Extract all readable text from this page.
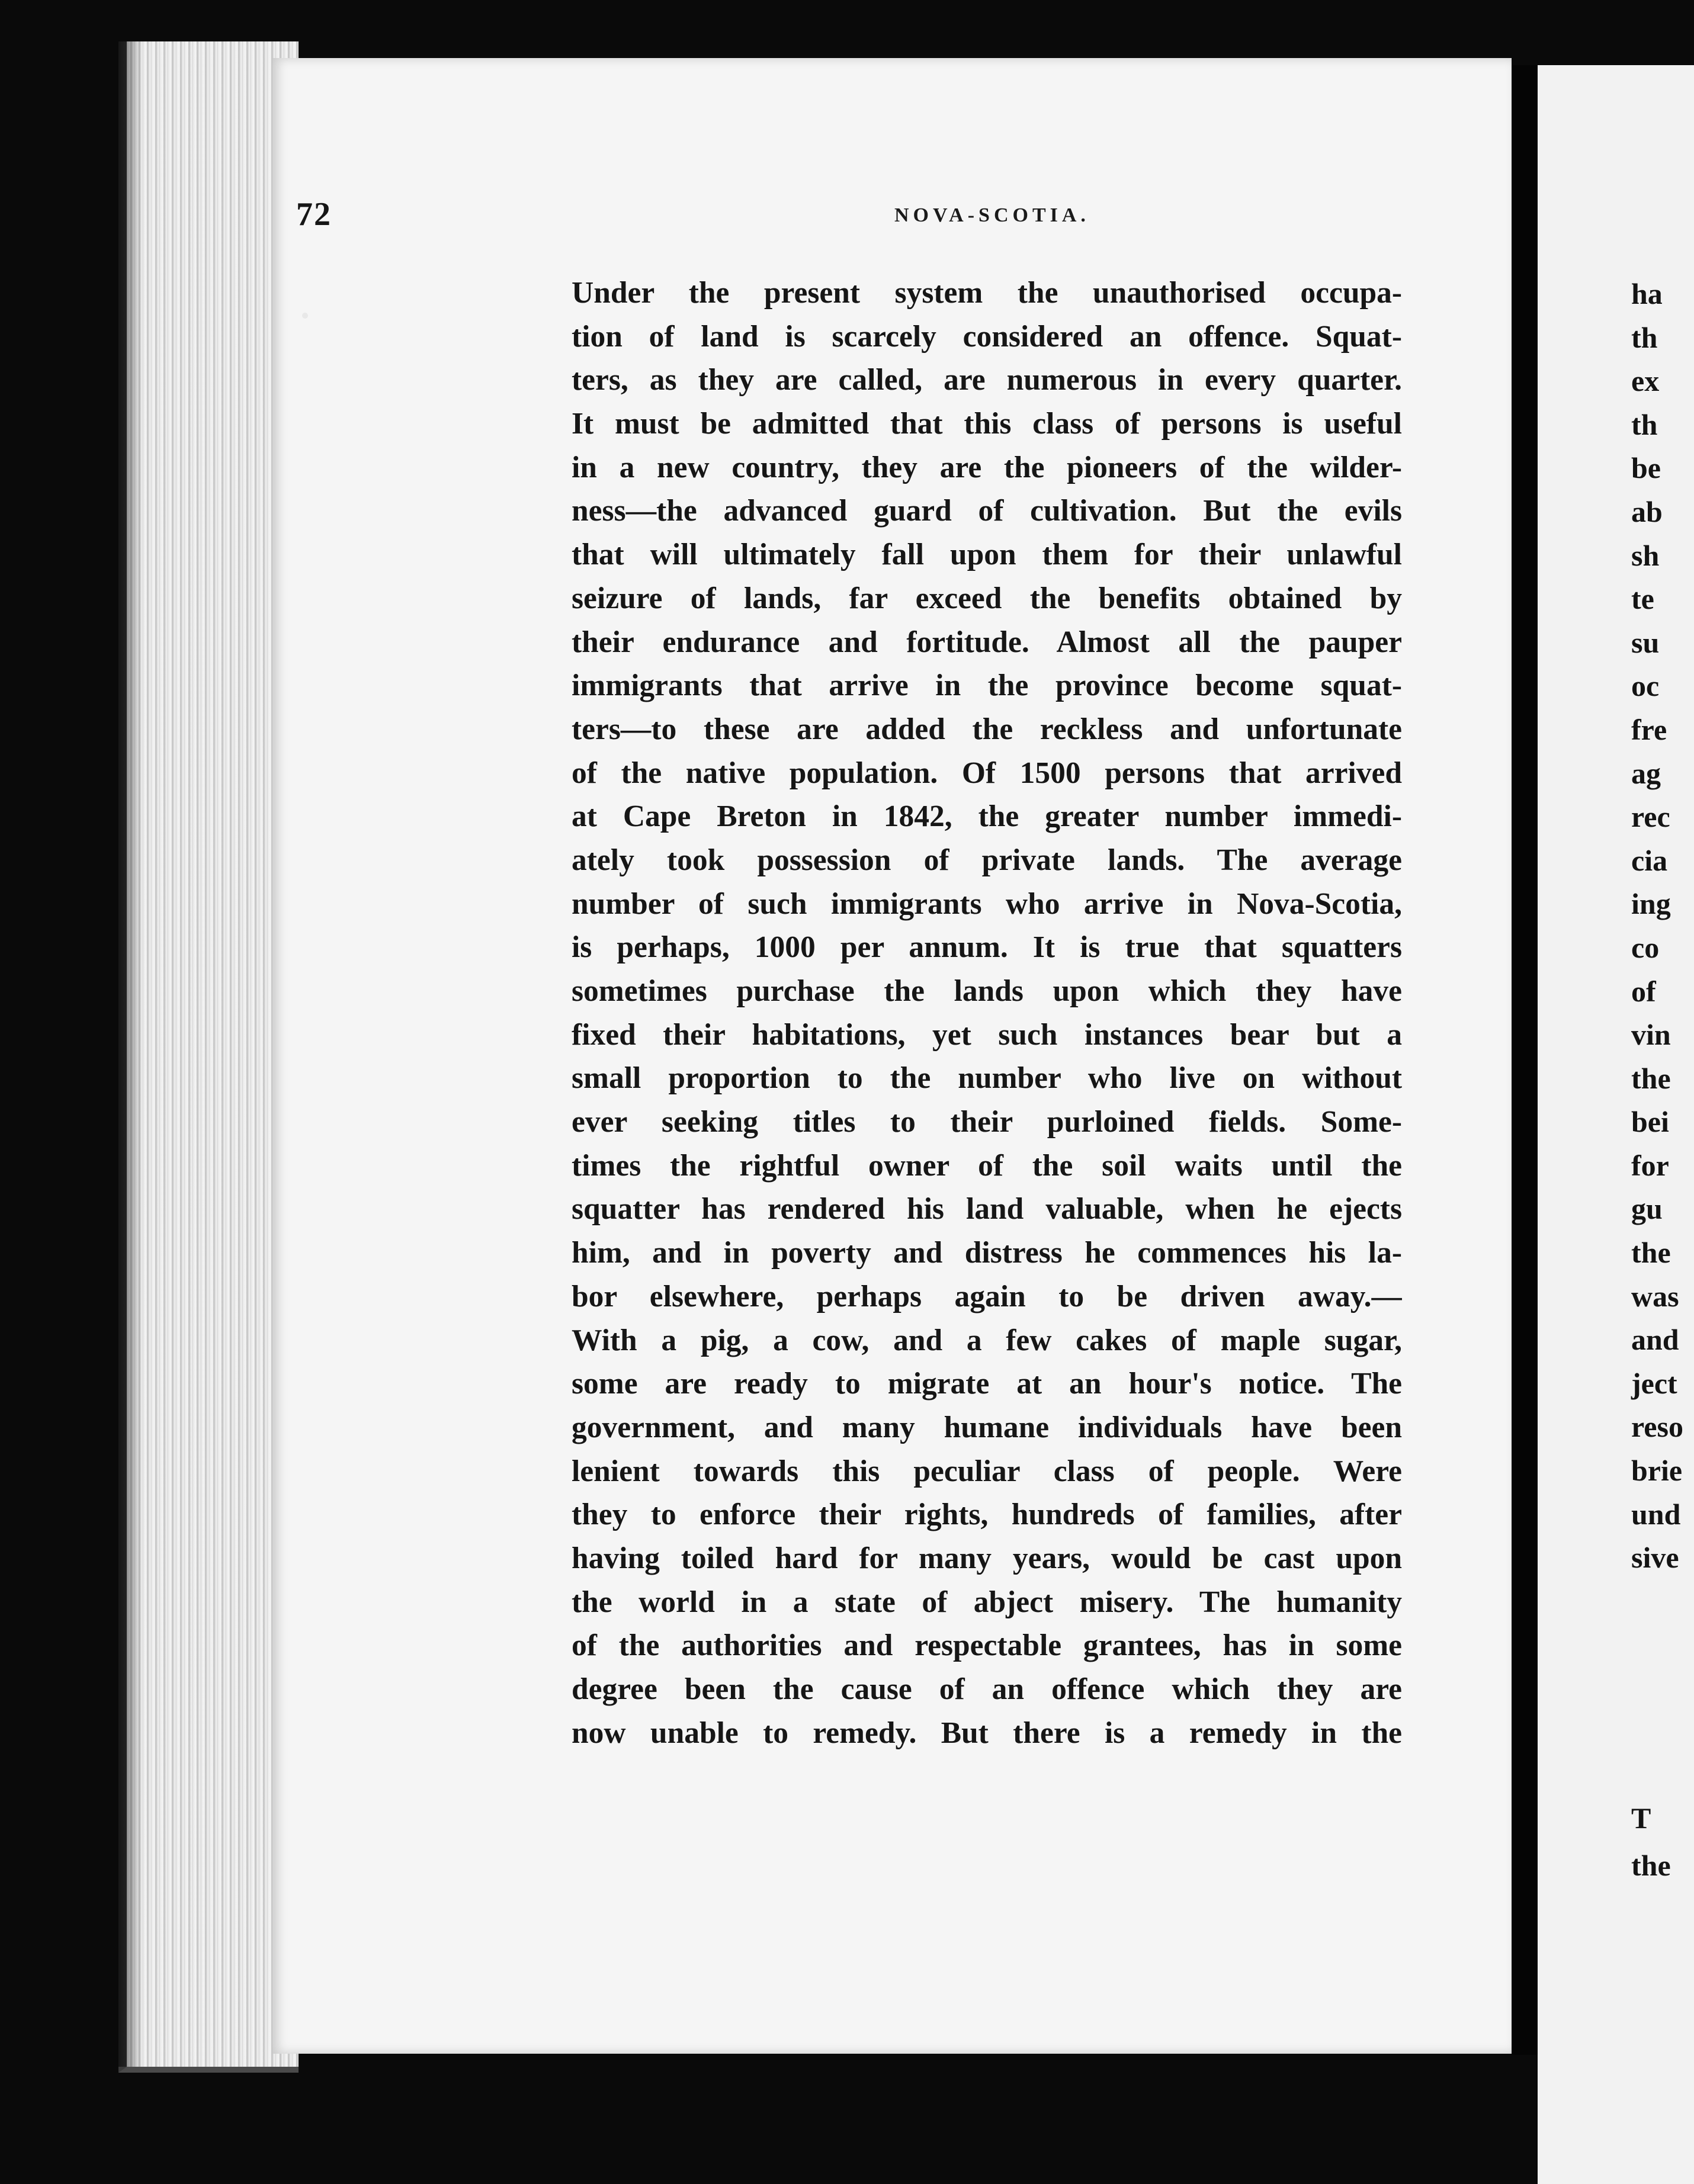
ha
th
ex
th
be
ab
sh
te
su
oc
fre
ag
rec
cia
ing
co
of
vin
the
bei
for
gu
the
was
and
ject
reso
brie
und
sive
T
the
72	NOVA-SCOTIA.
Under the present system the unauthorised occupa-
tion of land is scarcely considered an offence. Squat-
ters, as they are called, are numerous in every quarter.
It must be admitted that this class of persons is useful
in a new country, they are the pioneers of the wilder-
ness—the advanced guard of cultivation. But the evils
that will ultimately fall upon them for their unlawful
seizure of lands, far exceed the benefits obtained by
their endurance and fortitude. Almost all the pauper
immigrants that arrive in the province become squat-
ters—to these are added the reckless and unfortunate
of the native population. Of 1500 persons that arrived
at Cape Breton in 1842, the greater number immedi-
ately took possession of private lands. The average
number of such immigrants who arrive in Nova-Scotia,
is perhaps, 1000 per annum. It is true that squatters
sometimes purchase the lands upon which they have
fixed their habitations, yet such instances bear but a
small proportion to the number who live on without
ever seeking titles to their purloined fields. Some-
times the rightful owner of the soil waits until the
squatter has rendered his land valuable, when he ejects
him, and in poverty and distress he commences his la-
bor elsewhere, perhaps again to be driven away.—
With a pig, a cow, and a few cakes of maple sugar,
some are ready to migrate at an hour's notice. The
government, and many humane individuals have been
lenient towards this peculiar class of people. Were
they to enforce their rights, hundreds of families, after
having toiled hard for many years, would be cast upon
the world in a state of abject misery. The humanity
of the authorities and respectable grantees, has in some
degree been the cause of an offence which they are
now unable to remedy. But there is a remedy in the
